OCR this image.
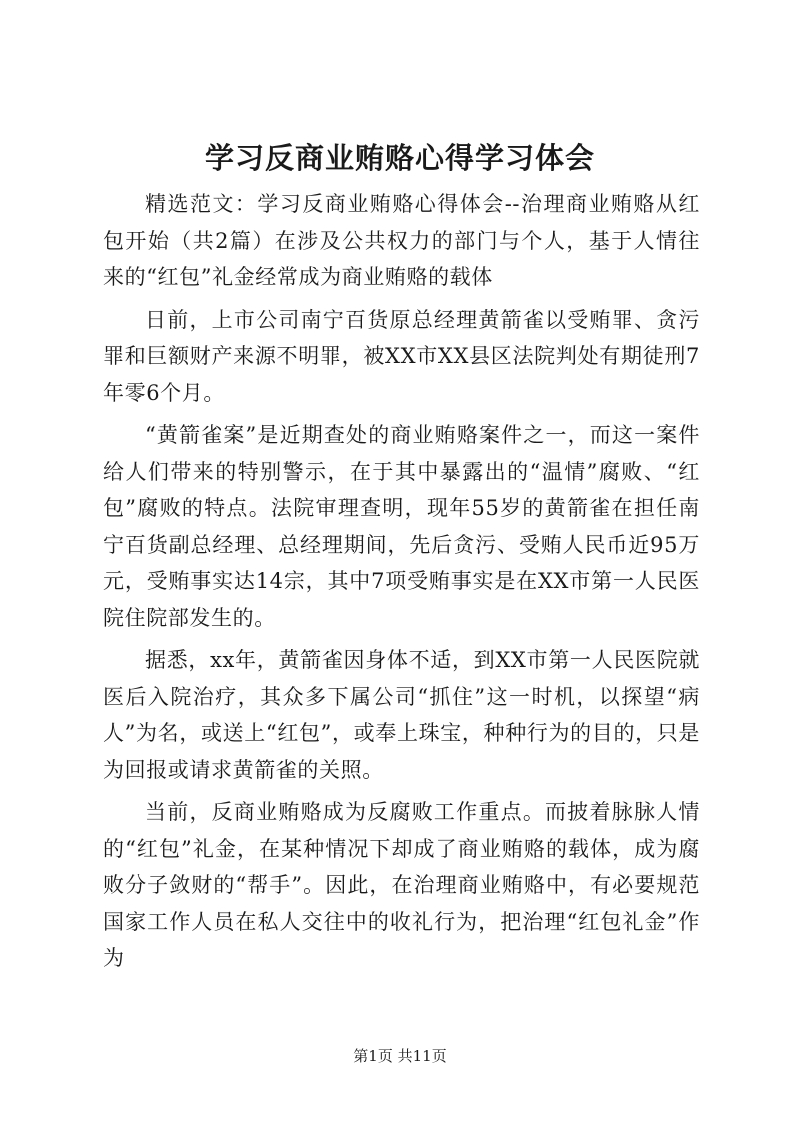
学习反商业贿赂心得学习体会

精选范文：学习反商业贿赂心得体会--治理商业贿赂从红包开始（共2篇）在涉及公共权力的部门与个人，基于人情往来的“红包”礼金经常成为商业贿赂的载体

日前，上市公司南宁百货原总经理黄箭雀以受贿罪、贪污罪和巨额财产来源不明罪，被XX市XX县区法院判处有期徒刑7年零6个月。

“黄箭雀案”是近期查处的商业贿赂案件之一，而这一案件给人们带来的特别警示，在于其中暴露出的“温情”腐败、“红包”腐败的特点。法院审理查明，现年55岁的黄箭雀在担任南宁百货副总经理、总经理期间，先后贪污、受贿人民币近95万元，受贿事实达14宗，其中7项受贿事实是在XX市第一人民医院住院部发生的。

据悉，xx年，黄箭雀因身体不适，到XX市第一人民医院就医后入院治疗，其众多下属公司“抓住”这一时机，以探望“病人”为名，或送上“红包”，或奉上珠宝，种种行为的目的，只是为回报或请求黄箭雀的关照。

当前，反商业贿赂成为反腐败工作重点。而披着脉脉人情的“红包”礼金，在某种情况下却成了商业贿赂的载体，成为腐败分子敛财的“帮手”。因此，在治理商业贿赂中，有必要规范国家工作人员在私人交往中的收礼行为，把治理“红包礼金”作为

第1页 共11页
